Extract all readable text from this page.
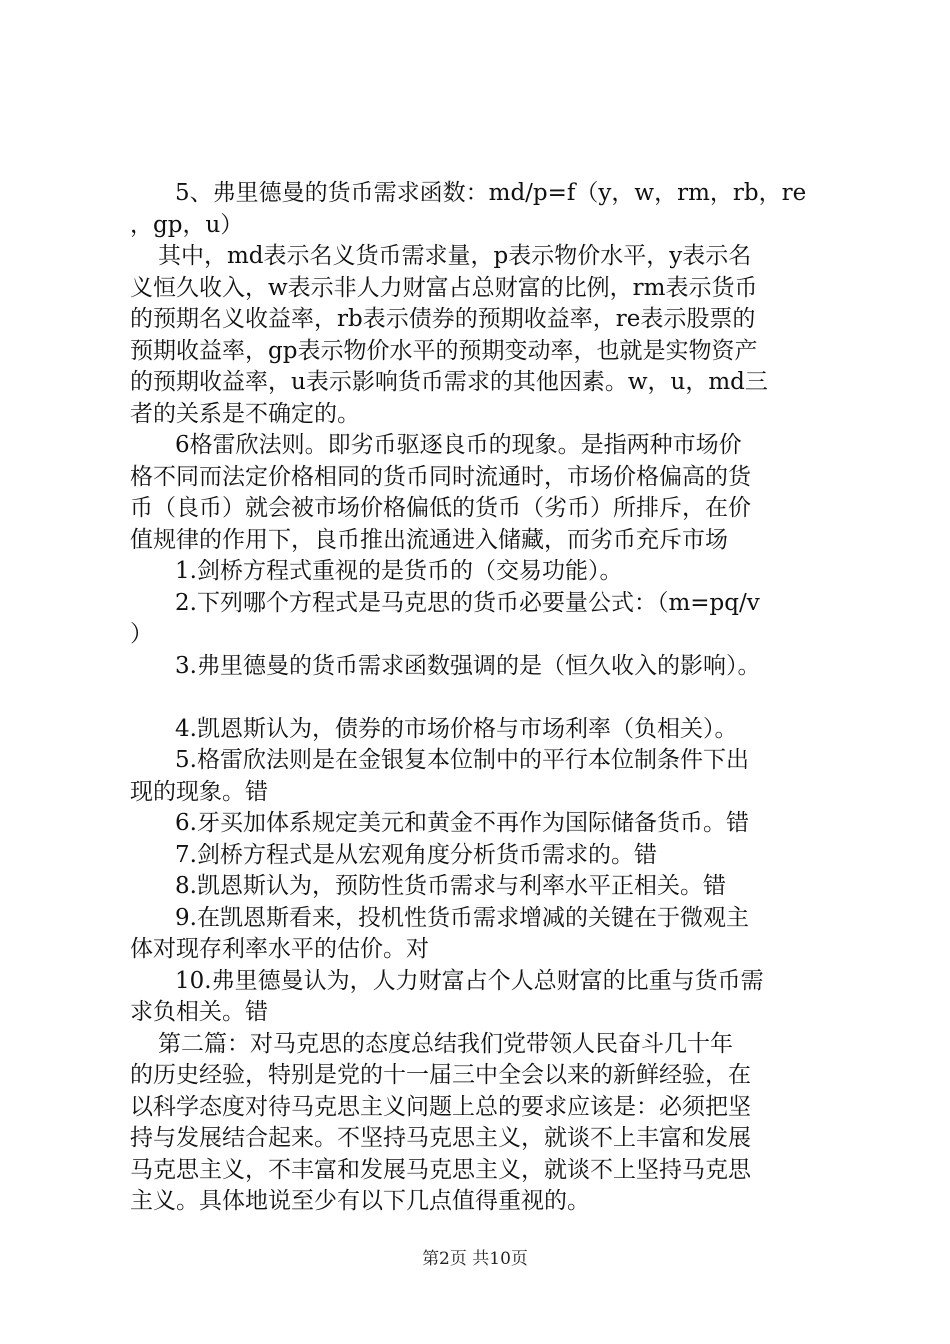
5、弗里德曼的货币需求函数：md/p=f（y，w，rm，rb，re
，gp，u）
其中，md表示名义货币需求量，p表示物价水平，y表示名
义恒久收入，w表示非人力财富占总财富的比例，rm表示货币
的预期名义收益率，rb表示债券的预期收益率，re表示股票的
预期收益率，gp表示物价水平的预期变动率，也就是实物资产
的预期收益率，u表示影响货币需求的其他因素。w，u，md三
者的关系是不确定的。
6格雷欣法则。即劣币驱逐良币的现象。是指两种市场价
格不同而法定价格相同的货币同时流通时，市场价格偏高的货
币（良币）就会被市场价格偏低的货币（劣币）所排斥，在价
值规律的作用下，良币推出流通进入储藏，而劣币充斥市场
1.剑桥方程式重视的是货币的（交易功能）。
2.下列哪个方程式是马克思的货币必要量公式：（m=pq/v
）
3.弗里德曼的货币需求函数强调的是（恒久收入的影响）。
4.凯恩斯认为，债券的市场价格与市场利率（负相关）。
5.格雷欣法则是在金银复本位制中的平行本位制条件下出
现的现象。错
6.牙买加体系规定美元和黄金不再作为国际储备货币。错
7.剑桥方程式是从宏观角度分析货币需求的。错
8.凯恩斯认为，预防性货币需求与利率水平正相关。错
9.在凯恩斯看来，投机性货币需求增减的关键在于微观主
体对现存利率水平的估价。对
10.弗里德曼认为，人力财富占个人总财富的比重与货币需
求负相关。错
第二篇：对马克思的态度总结我们党带领人民奋斗几十年
的历史经验，特别是党的十一届三中全会以来的新鲜经验，在
以科学态度对待马克思主义问题上总的要求应该是：必须把坚
持与发展结合起来。不坚持马克思主义，就谈不上丰富和发展
马克思主义，不丰富和发展马克思主义，就谈不上坚持马克思
主义。具体地说至少有以下几点值得重视的。
第2页 共10页
